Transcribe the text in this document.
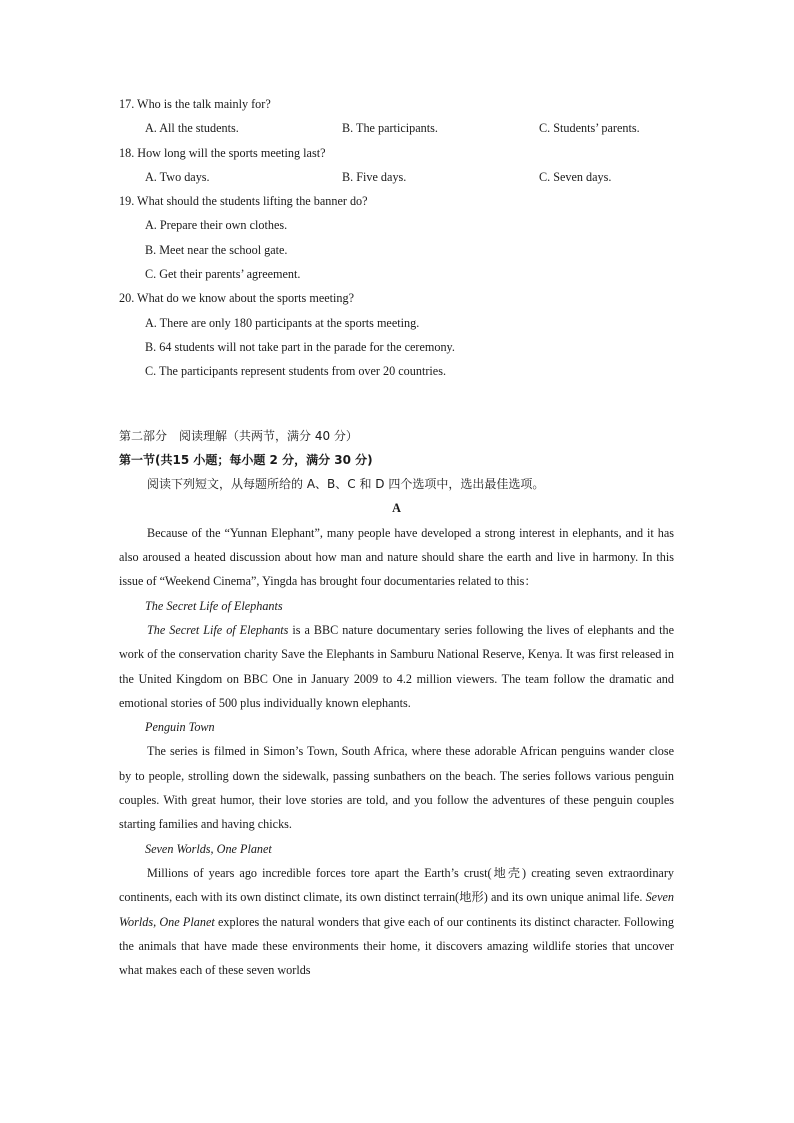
17. Who is the talk mainly for?
A. All the students.	B. The participants.	C. Students’ parents.
18. How long will the sports meeting last?
A. Two days.	B. Five days.	C. Seven days.
19. What should the students lifting the banner do?
A. Prepare their own clothes.
B. Meet near the school gate.
C. Get their parents’ agreement.
20. What do we know about the sports meeting?
A. There are only 180 participants at the sports meeting.
B. 64 students will not take part in the parade for the ceremony.
C. The participants represent students from over 20 countries.
第二部分　阅读理解（共两节，满分 40 分）
第一节(共15 小题；每小题 2 分，满分 30 分)
阅读下列短文，从每题所给的 A、B、C 和 D 四个选项中，选出最佳选项。
A
Because of the “Yunnan Elephant”, many people have developed a strong interest in elephants, and it has also aroused a heated discussion about how man and nature should share the earth and live in harmony. In this issue of “Weekend Cinema”, Yingda has brought four documentaries related to this：
The Secret Life of Elephants
The Secret Life of Elephants is a BBC nature documentary series following the lives of elephants and the work of the conservation charity Save the Elephants in Samburu National Reserve, Kenya. It was first released in the United Kingdom on BBC One in January 2009 to 4.2 million viewers. The team follow the dramatic and emotional stories of 500 plus individually known elephants.
Penguin Town
The series is filmed in Simon’s Town, South Africa, where these adorable African penguins wander close by to people, strolling down the sidewalk, passing sunbathers on the beach. The series follows various penguin couples. With great humor, their love stories are told, and you follow the adventures of these penguin couples starting families and having chicks.
Seven Worlds, One Planet
Millions of years ago incredible forces tore apart the Earth’s crust(地壳) creating seven extraordinary continents, each with its own distinct climate, its own distinct terrain(地形) and its own unique animal life. Seven Worlds, One Planet explores the natural wonders that give each of our continents its distinct character. Following the animals that have made these environments their home, it discovers amazing wildlife stories that uncover what makes each of these seven worlds
